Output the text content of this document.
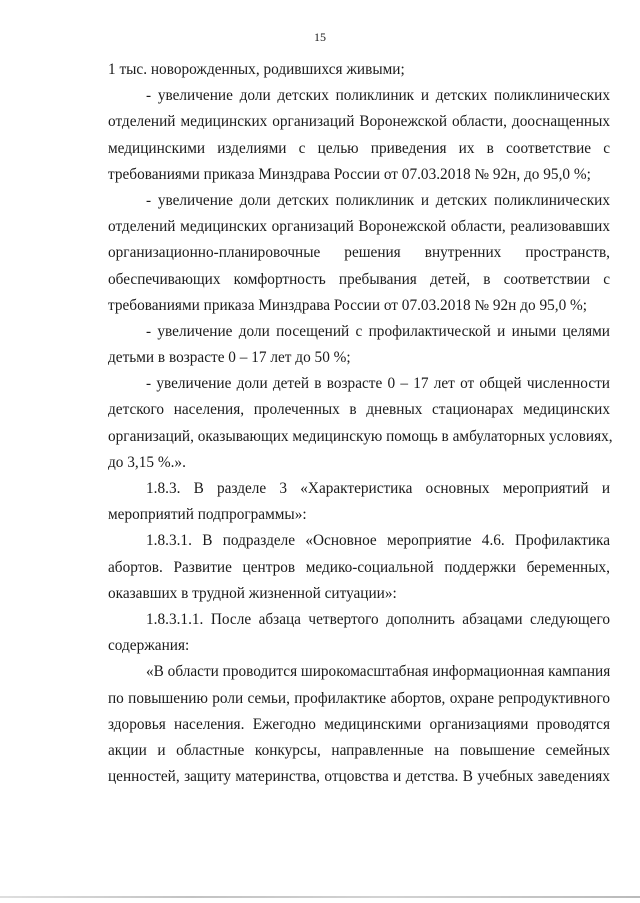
15
1 тыс. новорожденных, родившихся живыми;
- увеличение доли детских поликлиник и детских поликлинических
отделений медицинских организаций Воронежской области, дооснащенных
медицинскими изделиями с целью приведения их в соответствие с
требованиями приказа Минздрава России от 07.03.2018 № 92н, до 95,0 %;
- увеличение доли детских поликлиник и детских поликлинических
отделений медицинских организаций Воронежской области, реализовавших
организационно-планировочные решения внутренних пространств,
обеспечивающих комфортность пребывания детей, в соответствии с
требованиями приказа Минздрава России от 07.03.2018 № 92н до 95,0 %;
- увеличение доли посещений с профилактической и иными целями
детьми в возрасте 0 – 17 лет до 50 %;
- увеличение доли детей в возрасте 0 – 17 лет от общей численности
детского населения, пролеченных в дневных стационарах медицинских
организаций, оказывающих медицинскую помощь в амбулаторных условиях,
до 3,15 %.».
1.8.3. В разделе 3 «Характеристика основных мероприятий и
мероприятий подпрограммы»:
1.8.3.1. В подразделе «Основное мероприятие 4.6. Профилактика
абортов. Развитие центров медико-социальной поддержки беременных,
оказавших в трудной жизненной ситуации»:
1.8.3.1.1. После абзаца четвертого дополнить абзацами следующего
содержания:
«В области проводится широкомасштабная информационная кампания
по повышению роли семьи, профилактике абортов, охране репродуктивного
здоровья населения. Ежегодно медицинскими организациями проводятся
акции и областные конкурсы, направленные на повышение семейных
ценностей, защиту материнства, отцовства и детства. В учебных заведениях
